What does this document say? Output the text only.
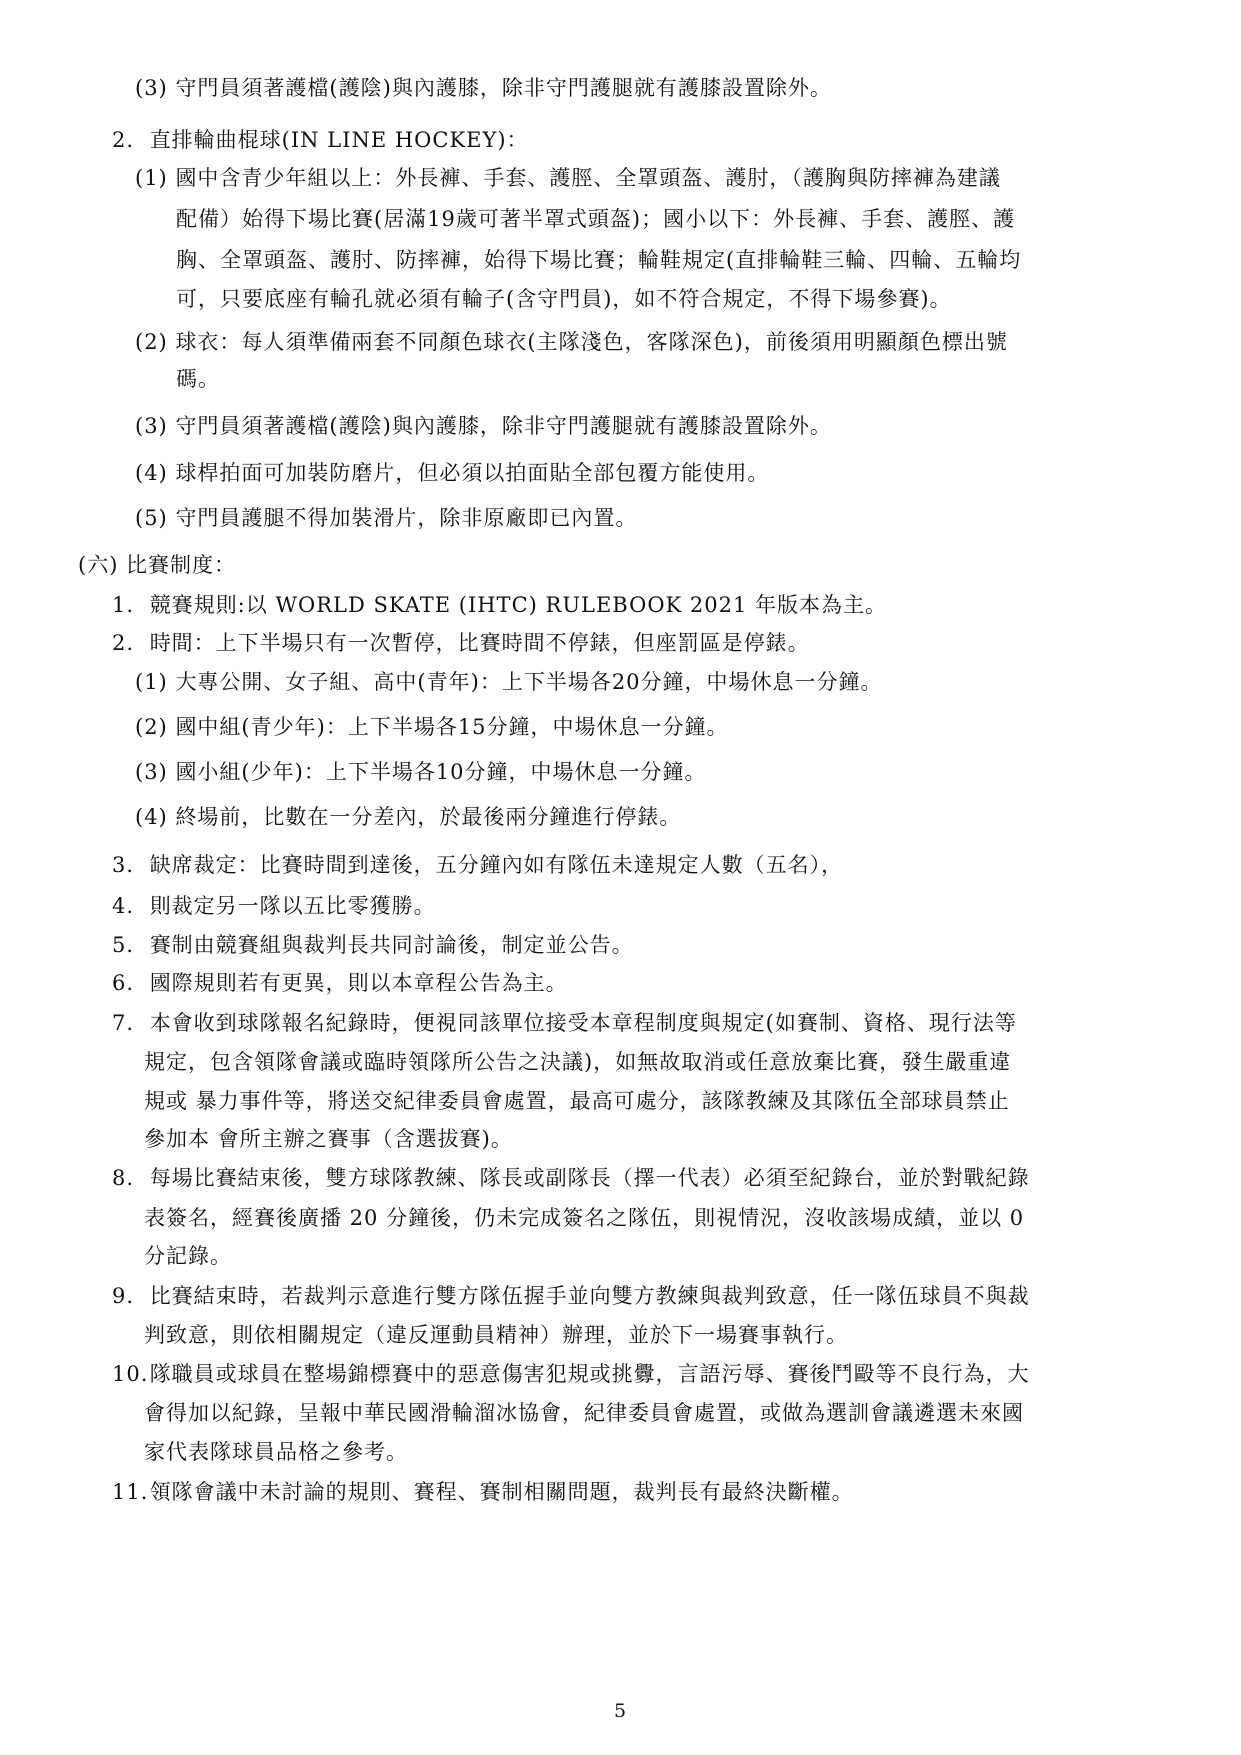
(3) 守門員須著護檔(護陰)與內護膝，除非守門護腿就有護膝設置除外。
2. 直排輪曲棍球(IN LINE HOCKEY)：
(1) 國中含青少年組以上：外長褲、手套、護脛、全罩頭盔、護肘，（護胸與防摔褲為建議
配備）始得下場比賽(居滿19歲可著半罩式頭盔)；國小以下：外長褲、手套、護脛、護
胸、全罩頭盔、護肘、防摔褲，始得下場比賽；輪鞋規定(直排輪鞋三輪、四輪、五輪均
可，只要底座有輪孔就必須有輪子(含守門員)，如不符合規定，不得下場參賽)。
(2) 球衣：每人須準備兩套不同顏色球衣(主隊淺色，客隊深色)，前後須用明顯顏色標出號
碼。
(3) 守門員須著護檔(護陰)與內護膝，除非守門護腿就有護膝設置除外。
(4) 球桿拍面可加裝防磨片，但必須以拍面貼全部包覆方能使用。
(5) 守門員護腿不得加裝滑片，除非原廠即已內置。
(六) 比賽制度：
1. 競賽規則:以 WORLD SKATE (IHTC) RULEBOOK 2021 年版本為主。
2. 時間：上下半場只有一次暫停，比賽時間不停錶，但座罰區是停錶。
(1) 大專公開、女子組、高中(青年)：上下半場各20分鐘，中場休息一分鐘。
(2) 國中組(青少年)：上下半場各15分鐘，中場休息一分鐘。
(3) 國小組(少年)：上下半場各10分鐘，中場休息一分鐘。
(4) 終場前，比數在一分差內，於最後兩分鐘進行停錶。
3. 缺席裁定：比賽時間到達後，五分鐘內如有隊伍未達規定人數（五名），
4. 則裁定另一隊以五比零獲勝。
5. 賽制由競賽組與裁判長共同討論後，制定並公告。
6. 國際規則若有更異，則以本章程公告為主。
7. 本會收到球隊報名紀錄時，便視同該單位接受本章程制度與規定(如賽制、資格、現行法等
規定，包含領隊會議或臨時領隊所公告之決議)，如無故取消或任意放棄比賽，發生嚴重違
規或 暴力事件等，將送交紀律委員會處置，最高可處分，該隊教練及其隊伍全部球員禁止
參加本 會所主辦之賽事（含選拔賽)。
8. 每場比賽結束後，雙方球隊教練、隊長或副隊長（擇一代表）必須至紀錄台，並於對戰紀錄
表簽名，經賽後廣播 20 分鐘後，仍未完成簽名之隊伍，則視情況，沒收該場成績，並以 0
分記錄。
9. 比賽結束時，若裁判示意進行雙方隊伍握手並向雙方教練與裁判致意，任一隊伍球員不與裁
判致意，則依相關規定（違反運動員精神）辦理，並於下一場賽事執行。
10. 隊職員或球員在整場錦標賽中的惡意傷害犯規或挑釁，言語污辱、賽後鬥毆等不良行為，大
會得加以紀錄，呈報中華民國滑輪溜冰協會，紀律委員會處置，或做為選訓會議遴選未來國
家代表隊球員品格之參考。
11. 領隊會議中未討論的規則、賽程、賽制相關問題，裁判長有最終決斷權。
5
